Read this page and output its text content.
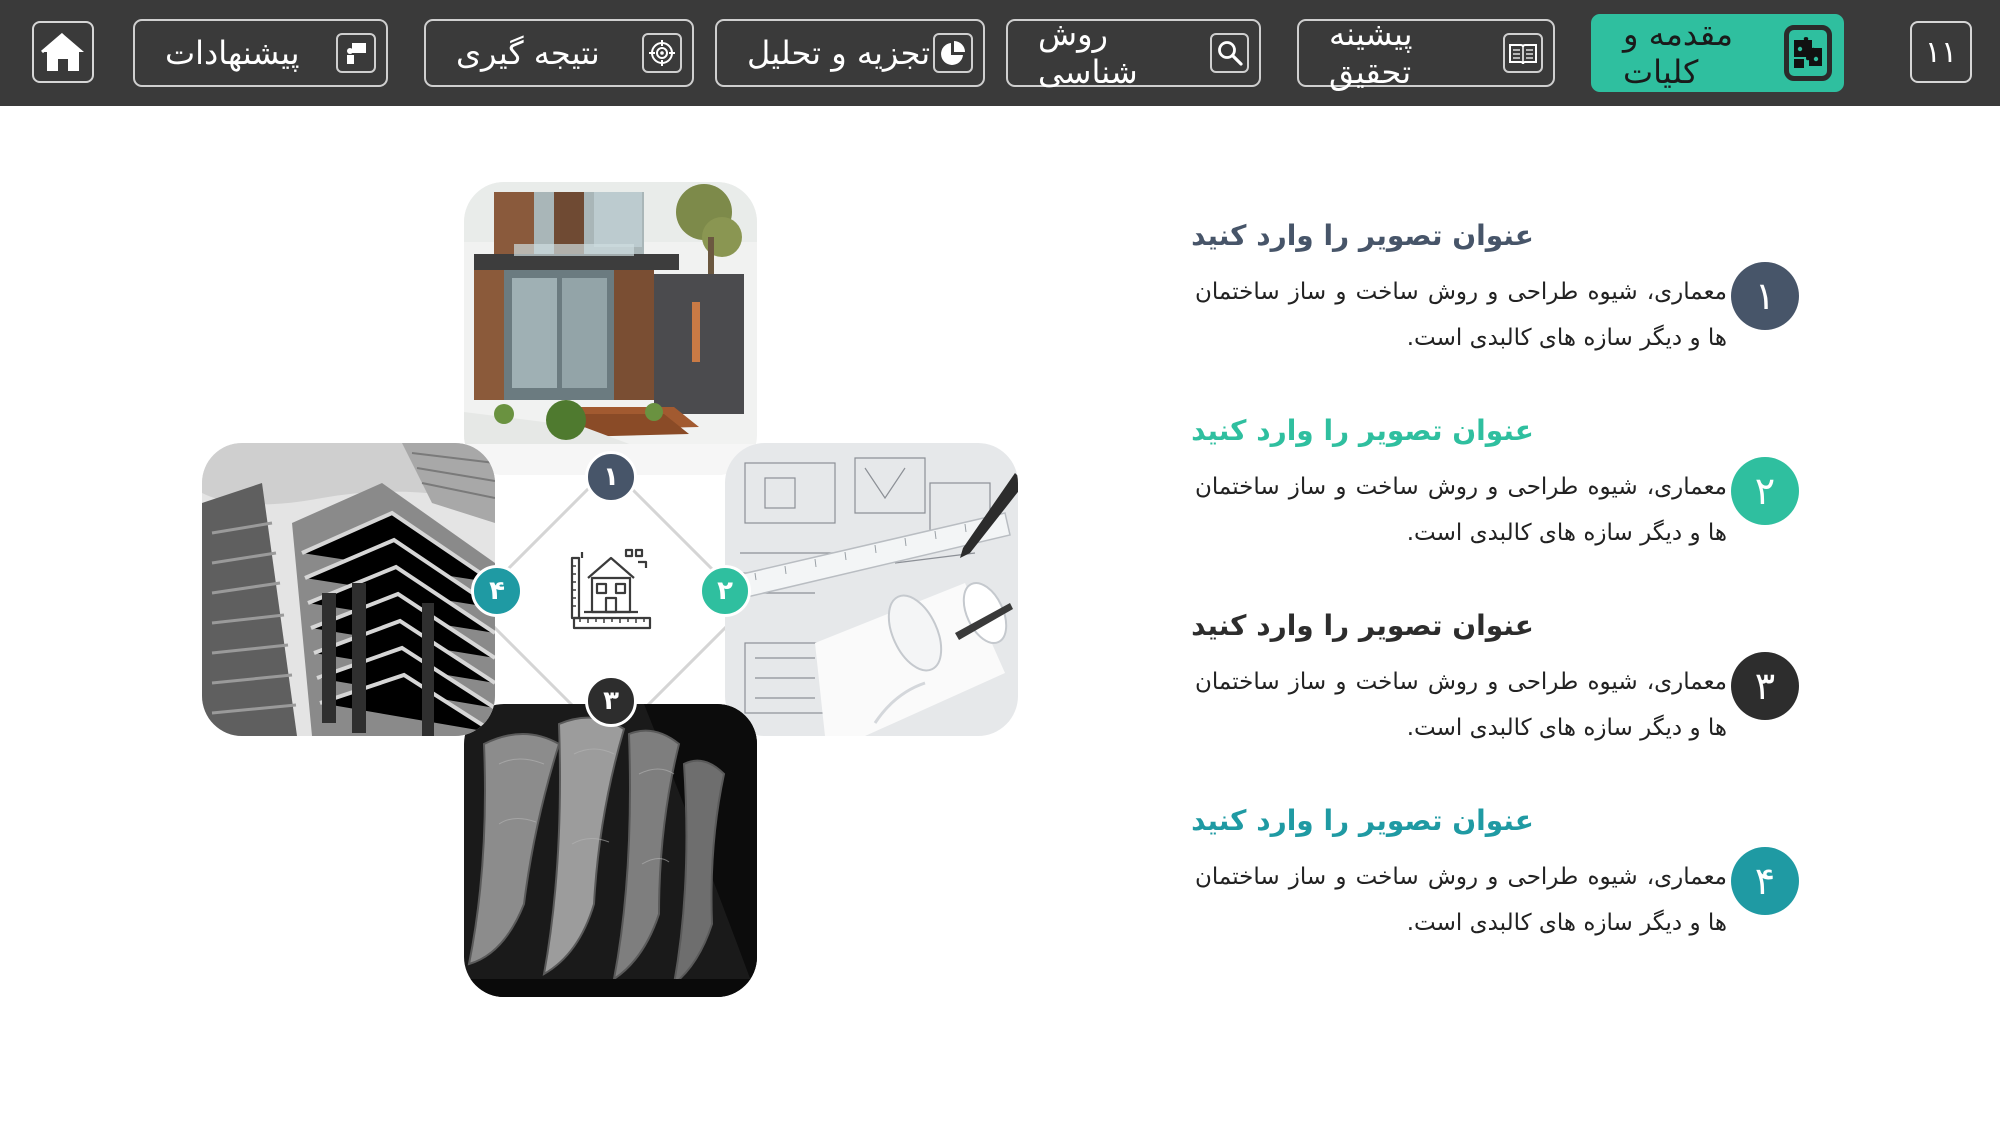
پیشنهادات	نتیجه گیری	تجزیه و تحلیل	روش شناسی
پیشینه تحقیق
مقدمه و کلیات
۱۱
۱
۲
۳
۴
عنوان تصویر را وارد کنید
معماری، شیوه طراحی و روش ساخت و ساز ساختمان ها و دیگر سازه های کالبدی است.
۱
عنوان تصویر را وارد کنید
معماری، شیوه طراحی و روش ساخت و ساز ساختمان ها و دیگر سازه های کالبدی است.
۲
عنوان تصویر را وارد کنید
معماری، شیوه طراحی و روش ساخت و ساز ساختمان ها و دیگر سازه های کالبدی است.
۳
عنوان تصویر را وارد کنید
معماری، شیوه طراحی و روش ساخت و ساز ساختمان ها و دیگر سازه های کالبدی است.
۴
